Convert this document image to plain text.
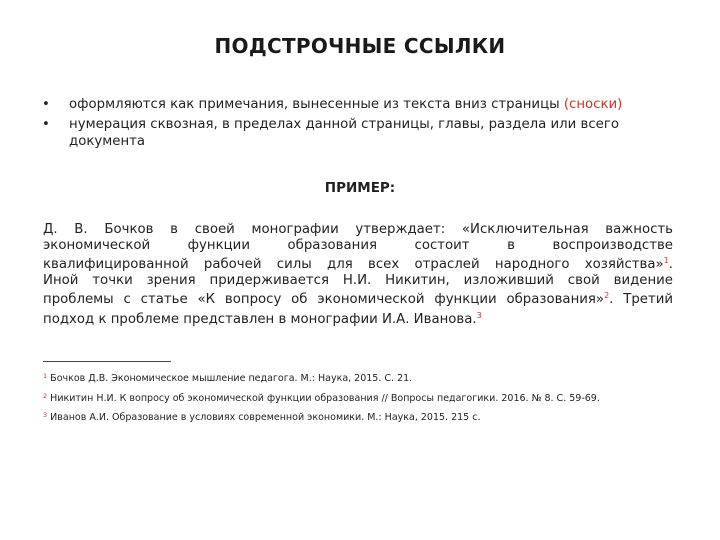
ПОДСТРОЧНЫЕ ССЫЛКИ
• оформляются как примечания, вынесенные из текста вниз страницы (сноски)
• нумерация сквозная, в пределах данной страницы, главы, раздела или всего
документа
ПРИМЕР:
Д. В. Бочков в своей монографии утверждает: «Исключительная важность
экономической функции образования состоит в воспроизводстве
квалифицированной рабочей силы для всех отраслей народного хозяйства»$^1$.
Иной точки зрения придерживается Н.И. Никитин, изложивший свой видение
проблемы с статье «К вопросу об экономической функции образования»$^2$. Третий
подход к проблеме представлен в монографии И.А. Иванова.$^3$
$^1$ Бочков Д.В. Экономическое мышление педагога. М.: Наука, 2015. С. 21.
$^2$ Никитин Н.И. К вопросу об экономической функции образования // Вопросы педагогики. 2016. № 8. С. 59-69.
$^3$ Иванов А.И. Образование в условиях современной экономики. М.: Наука, 2015. 215 с.
